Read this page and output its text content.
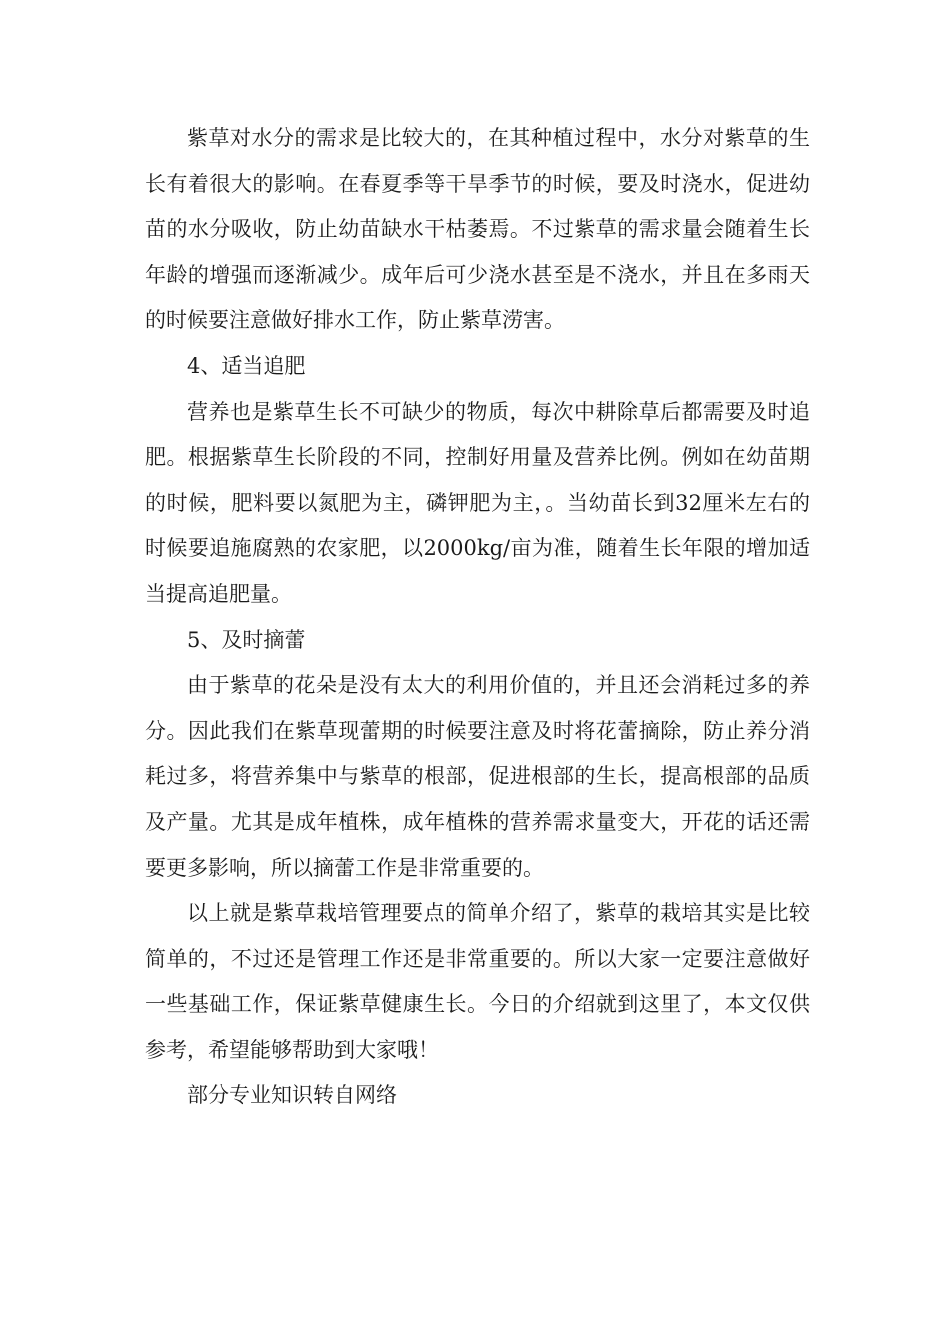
紫草对水分的需求是比较大的，在其种植过程中，水分对紫草的生长有着很大的影响。在春夏季等干旱季节的时候，要及时浇水，促进幼苗的水分吸收，防止幼苗缺水干枯萎焉。不过紫草的需求量会随着生长年龄的增强而逐渐减少。成年后可少浇水甚至是不浇水，并且在多雨天的时候要注意做好排水工作，防止紫草涝害。

4、适当追肥

营养也是紫草生长不可缺少的物质，每次中耕除草后都需要及时追肥。根据紫草生长阶段的不同，控制好用量及营养比例。例如在幼苗期的时候，肥料要以氮肥为主，磷钾肥为主，。当幼苗长到32厘米左右的时候要追施腐熟的农家肥，以2000kg/亩为准，随着生长年限的增加适当提高追肥量。

5、及时摘蕾

由于紫草的花朵是没有太大的利用价值的，并且还会消耗过多的养分。因此我们在紫草现蕾期的时候要注意及时将花蕾摘除，防止养分消耗过多，将营养集中与紫草的根部，促进根部的生长，提高根部的品质及产量。尤其是成年植株，成年植株的营养需求量变大，开花的话还需要更多影响，所以摘蕾工作是非常重要的。

以上就是紫草栽培管理要点的简单介绍了，紫草的栽培其实是比较简单的，不过还是管理工作还是非常重要的。所以大家一定要注意做好一些基础工作，保证紫草健康生长。今日的介绍就到这里了，本文仅供参考，希望能够帮助到大家哦！

部分专业知识转自网络
